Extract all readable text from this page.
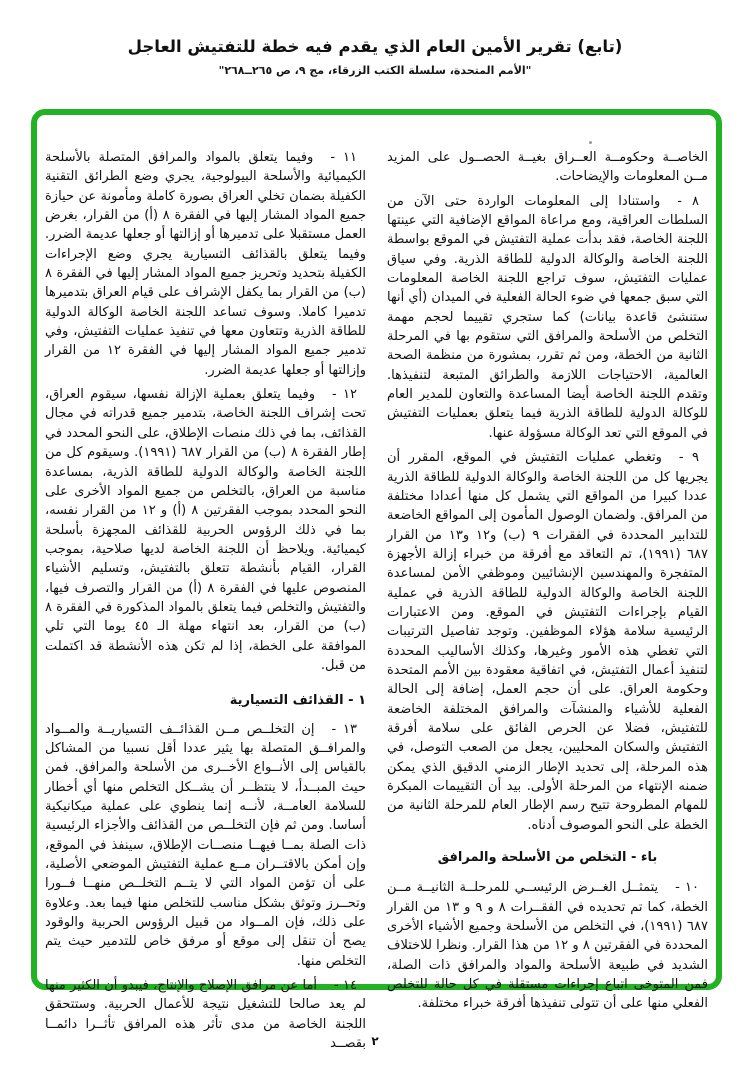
(تابع) تقرير الأمين العام الذي يقدم فيه خطة للتفتيش العاجل
"الأمم المتحدة، سلسلة الكتب الزرقاء، مج ٩، ص ٢٦٥ــ٢٦٨"
الخاصــة وحكومــة العــراق بغيــة الحصــول على المزيد مــن المعلومات والإيضاحات.
٨ -واستنادا إلى المعلومات الواردة حتى الآن من السلطات العراقية، ومع مراعاة المواقع الإضافية التي عينتها اللجنة الخاصة، فقد بدأت عملية التفتيش في الموقع بواسطة اللجنة الخاصة والوكالة الدولية للطاقة الذرية. وفي سياق عمليات التفتيش، سوف تراجع اللجنة الخاصة المعلومات التي سبق جمعها في ضوء الحالة الفعلية في الميدان (أي أنها ستنشئ قاعدة بيانات) كما ستجري تقييما لحجم مهمة التخلص من الأسلحة والمرافق التي ستقوم بها في المرحلة الثانية من الخطة، ومن ثم تقرر، بمشورة من منظمة الصحة العالمية، الاحتياجات اللازمة والطرائق المتبعة لتنفيذها. وتقدم اللجنة الخاصة أيضا المساعدة والتعاون للمدير العام للوكالة الدولية للطاقة الذرية فيما يتعلق بعمليات التفتيش في الموقع التي تعد الوكالة مسؤولة عنها.
٩ -وتغطي عمليات التفتيش في الموقع، المقرر أن يجريها كل من اللجنة الخاصة والوكالة الدولية للطاقة الذرية عددا كبيرا من المواقع التي يشمل كل منها أعدادا مختلفة من المرافق. ولضمان الوصول المأمون إلى المواقع الخاضعة للتدابير المحددة في الفقرات ٩ (ب) و١٢ و١٣ من القرار ٦٨٧ (١٩٩١)، تم التعاقد مع أفرقة من خبراء إزالة الأجهزة المتفجرة والمهندسين الإنشائيين وموظفي الأمن لمساعدة اللجنة الخاصة والوكالة الدولية للطاقة الذرية في عملية القيام بإجراءات التفتيش في الموقع. ومن الاعتبارات الرئيسية سلامة هؤلاء الموظفين. وتوجد تفاصيل الترتيبات التي تغطي هذه الأمور وغيرها، وكذلك الأساليب المحددة لتنفيذ أعمال التفتيش، في اتفاقية معقودة بين الأمم المتحدة وحكومة العراق. على أن حجم العمل، إضافة إلى الحالة الفعلية للأشياء والمنشآت والمرافق المختلفة الخاضعة للتفتيش، فضلا عن الحرص الفائق على سلامة أفرقة التفتيش والسكان المحليين، يجعل من الصعب التوصل، في هذه المرحلة، إلى تحديد الإطار الزمني الدقيق الذي يمكن ضمنه الإنتهاء من المرحلة الأولى. بيد أن التقييمات المبكرة للمهام المطروحة تتيح رسم الإطار العام للمرحلة الثانية من الخطة على النحو الموصوف أدناه.
باء - التخلص من الأسلحة والمرافق
١٠ -يتمثــل الغــرض الرئيســي للمرحلــة الثانيــة مــن الخطة، كما تم تحديده في الفقــرات ٨ و ٩ و ١٣ من القرار ٦٨٧ (١٩٩١)، في التخلص من الأسلحة وجميع الأشياء الأخرى المحددة في الفقرتين ٨ و ١٢ من هذا القرار. ونظرا للاختلاف الشديد في طبيعة الأسلحة والمواد والمرافق ذات الصلة، فمن المتوخى اتباع إجراءات مستقلة في كل حالة للتخلص الفعلي منها على أن تتولى تنفيذها أفرقة خبراء مختلفة.
١١ -وفيما يتعلق بالمواد والمرافق المتصلة بالأسلحة الكيميائية والأسلحة البيولوجية، يجري وضع الطرائق التقنية الكفيلة بضمان تخلي العراق بصورة كاملة ومأمونة عن حيازة جميع المواد المشار إليها في الفقرة ٨ (أ) من القرار، بغرض العمل مستقبلا على تدميرها أو إزالتها أو جعلها عديمة الضرر. وفيما يتعلق بالقذائف التسيارية يجري وضع الإجراءات الكفيلة بتحديد وتحريز جميع المواد المشار إليها في الفقرة ٨ (ب) من القرار بما يكفل الإشراف على قيام العراق بتدميرها تدميرا كاملا. وسوف تساعد اللجنة الخاصة الوكالة الدولية للطاقة الذرية وتتعاون معها في تنفيذ عمليات التفتيش، وفي تدمير جميع المواد المشار إليها في الفقرة ١٢ من القرار وإزالتها أو جعلها عديمة الضرر.
١٢ -وفيما يتعلق بعملية الإزالة نفسها، سيقوم العراق، تحت إشراف اللجنة الخاصة، بتدمير جميع قدراته في مجال القذائف، بما في ذلك منصات الإطلاق، على النحو المحدد في إطار الفقرة ٨ (ب) من القرار ٦٨٧ (١٩٩١). وسيقوم كل من اللجنة الخاصة والوكالة الدولية للطاقة الذرية، بمساعدة مناسبة من العراق، بالتخلص من جميع المواد الأخرى على النحو المحدد بموجب الفقرتين ٨ (أ) و ١٢ من القرار نفسه، بما في ذلك الرؤوس الحربية للقذائف المجهزة بأسلحة كيميائية. ويلاحظ أن اللجنة الخاصة لديها صلاحية، بموجب القرار، القيام بأنشطة تتعلق بالتفتيش، وتسليم الأشياء المنصوص عليها في الفقرة ٨ (أ) من القرار والتصرف فيها، والتفتيش والتخلص فيما يتعلق بالمواد المذكورة في الفقرة ٨ (ب) من القرار، بعد انتهاء مهلة الـ ٤٥ يوما التي تلي الموافقة على الخطة، إذا لم تكن هذه الأنشطة قد اكتملت من قبل.
١ - القذائف التسيارية
١٣ -إن التخلــص مــن القذائــف التسياريــة والمــواد والمرافــق المتصلة بها يثير عددا أقل نسبيا من المشاكل بالقياس إلى الأنــواع الأخــرى من الأسلحة والمرافق. فمن حيث المبــدأ، لا ينتظــر أن يشــكل التخلص منها أي أخطار للسلامة العامــة، لأنــه إنما ينطوي على عملية ميكانيكية أساسا. ومن ثم فإن التخلــص من القذائف والأجزاء الرئيسية ذات الصلة بمــا فيهــا منصــات الإطلاق، سينفذ في الموقع، وإن أمكن بالاقتــران مــع عملية التفتيش الموضعي الأصلية، على أن تؤمن المواد التي لا يتــم التخلــص منهــا فــورا وتحــرز وتوثق بشكل مناسب للتخلص منها فيما بعد. وعلاوة على ذلك، فإن المــواد من قبيل الرؤوس الحربية والوقود يصح أن تنقل إلى موقع أو مرفق خاص للتدمير حيث يتم التخلص منها.
١٤ -أما عن مرافق الإصلاح والإنتاج، فيبدو أن الكثير منها لم يعد صالحا للتشغيل نتيجة للأعمال الحربية. وستتحقق اللجنة الخاصة من مدى تأثر هذه المرافق تأثــرا دائمــا بقصــد ٢
